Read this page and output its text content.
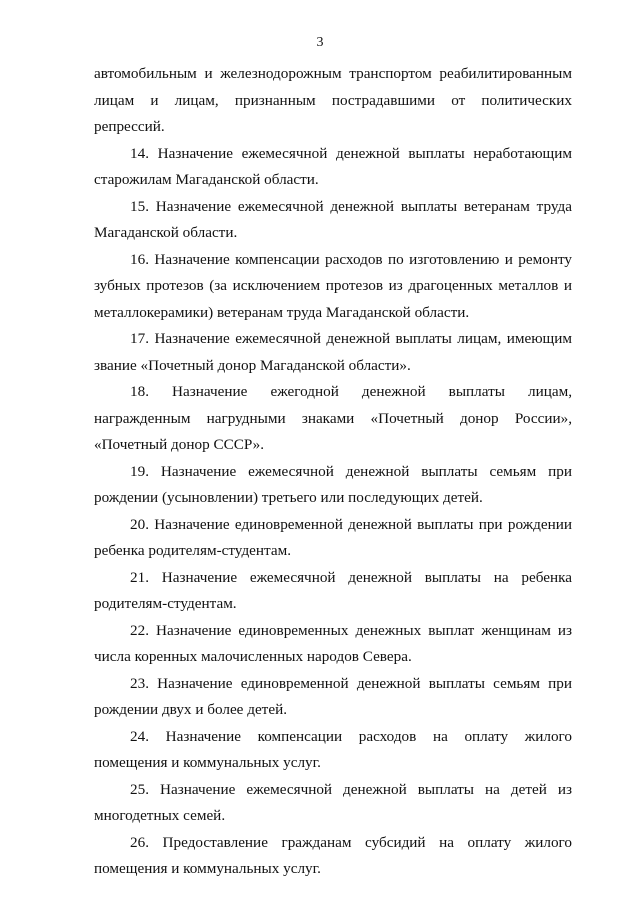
3

автомобильным и железнодорожным транспортом реабилитированным лицам и лицам, признанным пострадавшими от политических репрессий.

14. Назначение ежемесячной денежной выплаты неработающим старожилам Магаданской области.

15. Назначение ежемесячной денежной выплаты ветеранам труда Магаданской области.

16. Назначение компенсации расходов по изготовлению и ремонту зубных протезов (за исключением протезов из драгоценных металлов и металлокерамики) ветеранам труда Магаданской области.

17. Назначение ежемесячной денежной выплаты лицам, имеющим звание «Почетный донор Магаданской области».

18. Назначение ежегодной денежной выплаты лицам, награжденным нагрудными знаками «Почетный донор России», «Почетный донор СССР».

19. Назначение ежемесячной денежной выплаты семьям при рождении (усыновлении) третьего или последующих детей.

20. Назначение единовременной денежной выплаты при рождении ребенка родителям-студентам.

21. Назначение ежемесячной денежной выплаты на ребенка родителям-студентам.

22. Назначение единовременных денежных выплат женщинам из числа коренных малочисленных народов Севера.

23. Назначение единовременной денежной выплаты семьям при рождении двух и более детей.

24. Назначение компенсации расходов на оплату жилого помещения и коммунальных услуг.

25. Назначение ежемесячной денежной выплаты на детей из многодетных семей.

26. Предоставление гражданам субсидий на оплату жилого помещения и коммунальных услуг.
